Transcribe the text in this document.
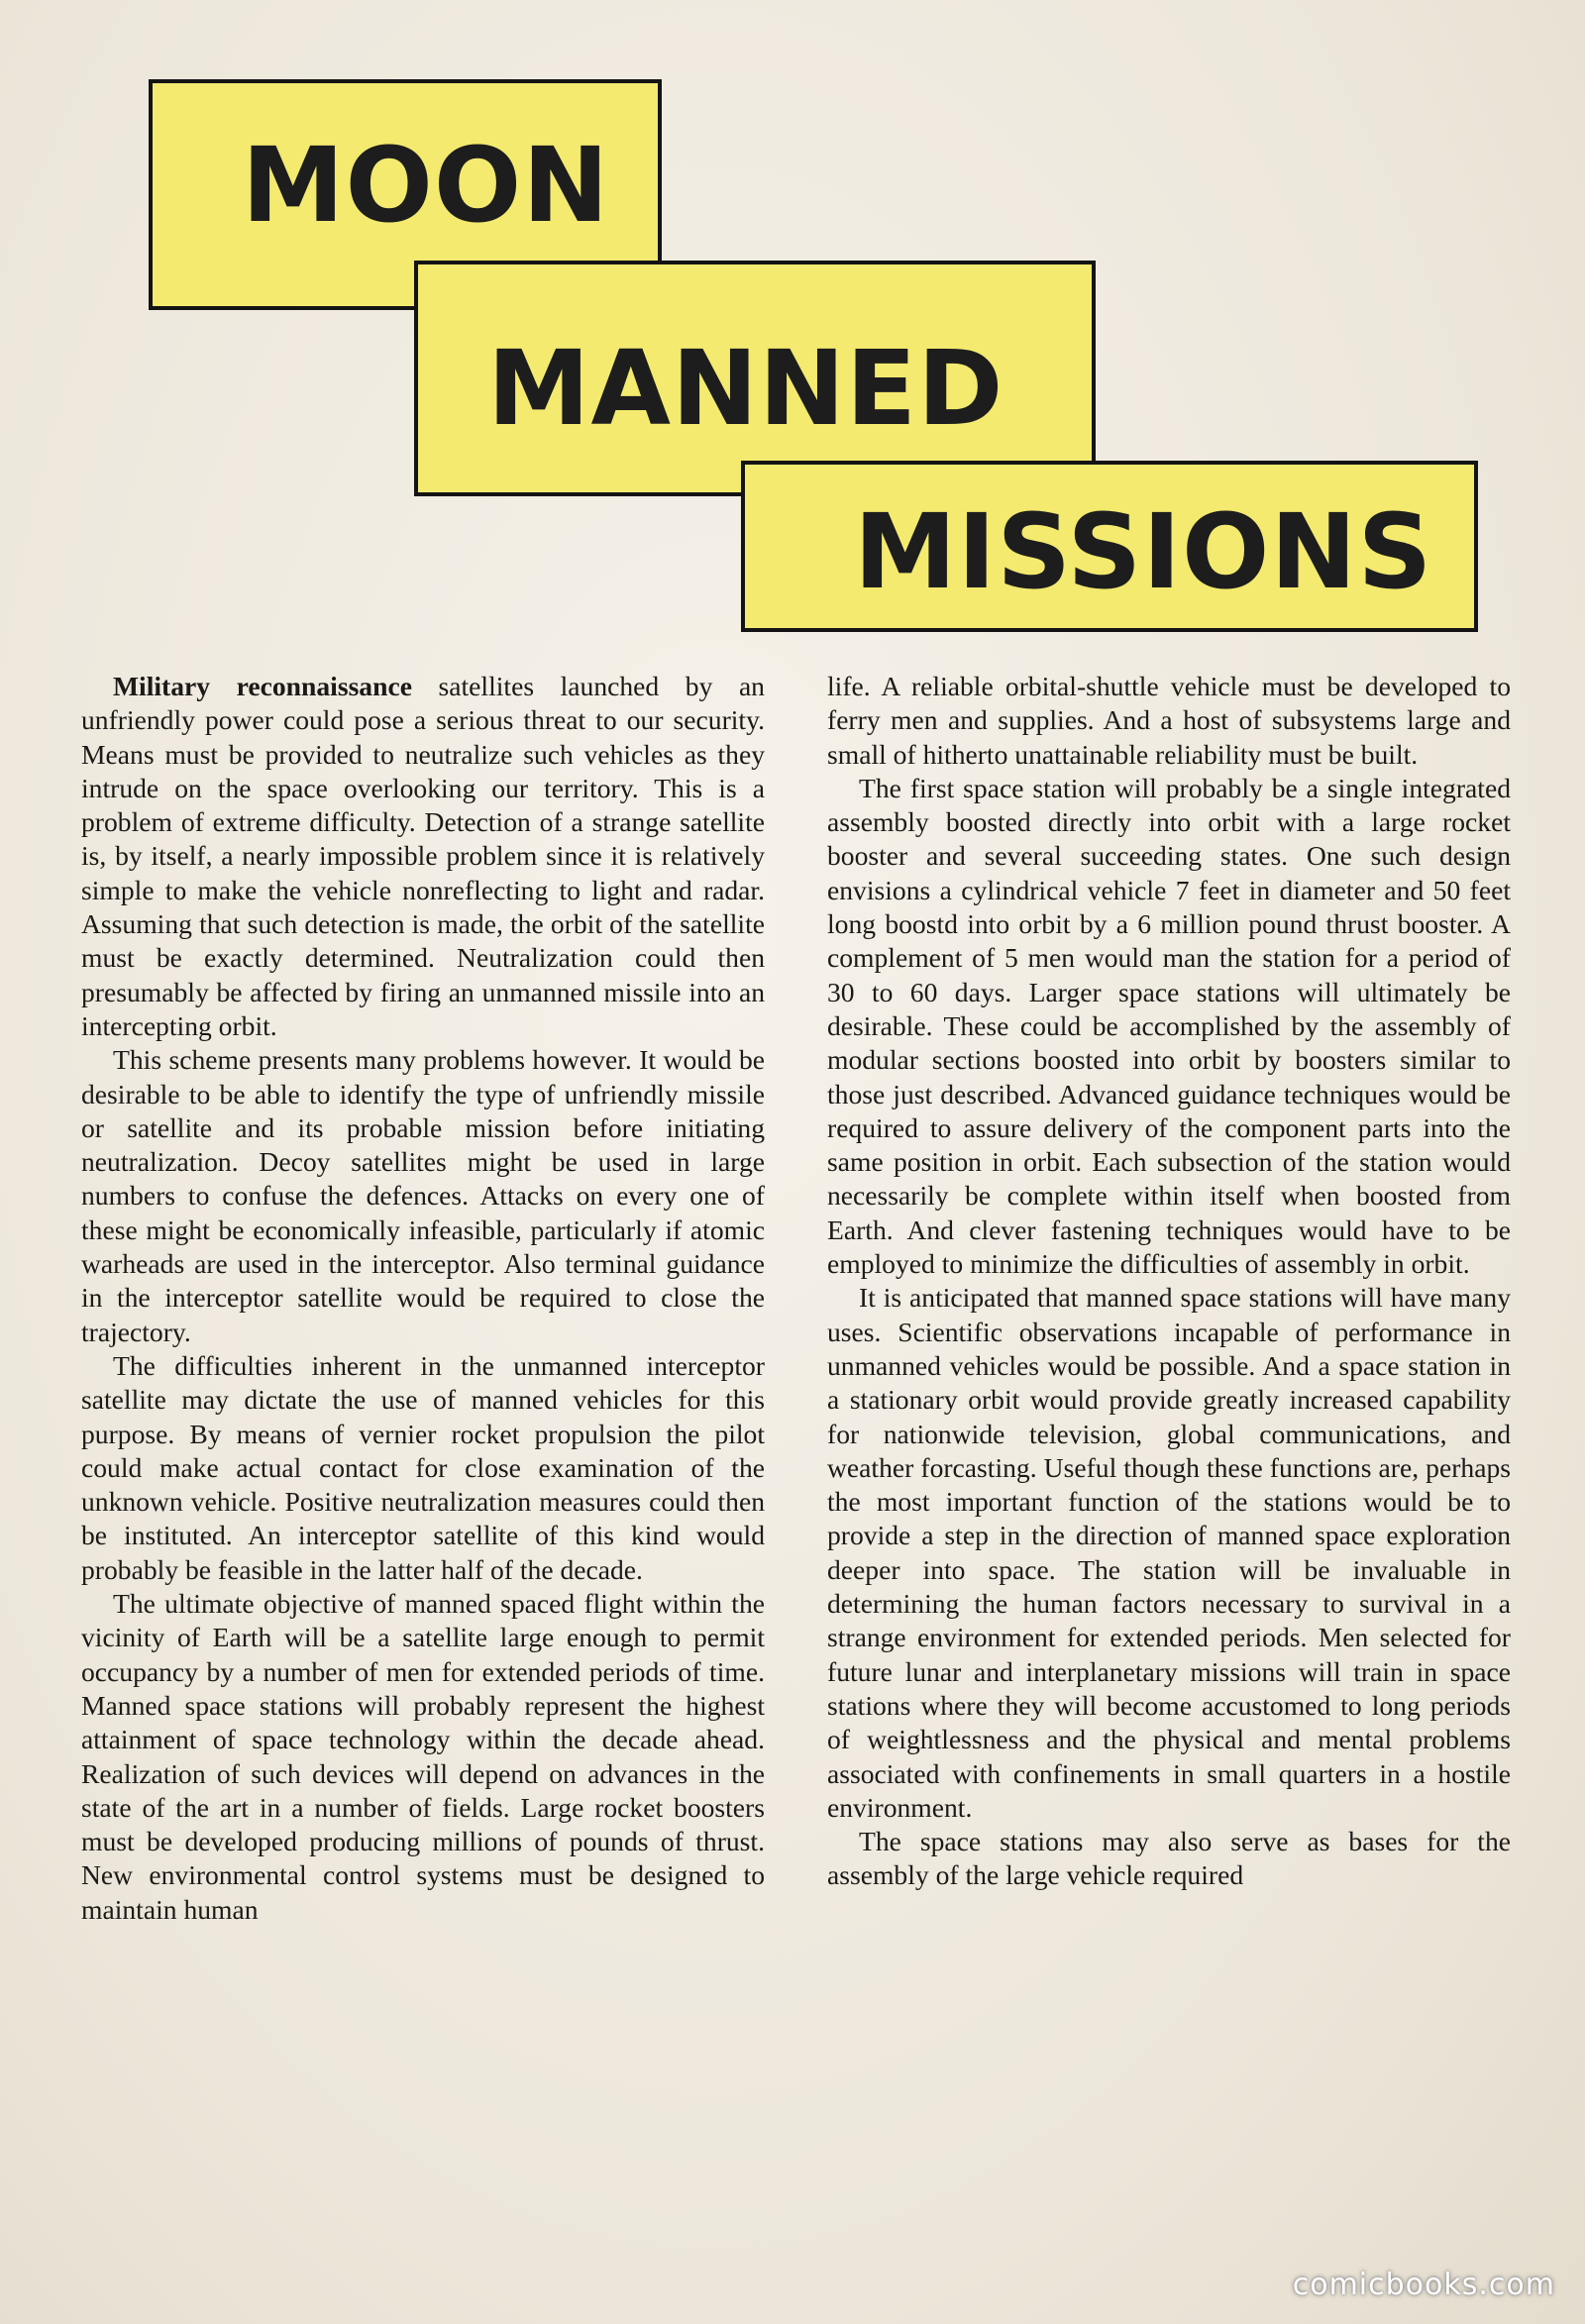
MOON
MANNED
MISSIONS

Military reconnaissance satellites launched by an unfriendly power could pose a serious threat to our security. Means must be provided to neutralize such vehicles as they intrude on the space overlooking our territory. This is a problem of extreme difficulty. Detection of a strange satellite is, by itself, a nearly impossible problem since it is relatively simple to make the vehicle nonreflecting to light and radar. Assuming that such detection is made, the orbit of the satellite must be exactly determined. Neutralization could then presumably be affected by firing an unmanned missile into an intercepting orbit.

This scheme presents many problems however. It would be desirable to be able to identify the type of unfriendly missile or satellite and its probable mission before initiating neutralization. Decoy satellites might be used in large numbers to confuse the defences. Attacks on every one of these might be economically infeasible, particularly if atomic warheads are used in the interceptor. Also terminal guidance in the interceptor satellite would be required to close the trajectory.

The difficulties inherent in the unmanned interceptor satellite may dictate the use of manned vehicles for this purpose. By means of vernier rocket propulsion the pilot could make actual contact for close examination of the unknown vehicle. Positive neutralization measures could then be instituted. An interceptor satellite of this kind would probably be feasible in the latter half of the decade.

The ultimate objective of manned spaced flight within the vicinity of Earth will be a satellite large enough to permit occupancy by a number of men for extended periods of time. Manned space stations will probably represent the highest attainment of space technology within the decade ahead. Realization of such devices will depend on advances in the state of the art in a number of fields. Large rocket boosters must be developed producing millions of pounds of thrust. New environmental control systems must be designed to maintain human

life. A reliable orbital-shuttle vehicle must be developed to ferry men and supplies. And a host of subsystems large and small of hitherto unattainable reliability must be built.

The first space station will probably be a single integrated assembly boosted directly into orbit with a large rocket booster and several succeeding states. One such design envisions a cylindrical vehicle 7 feet in diameter and 50 feet long boostd into orbit by a 6 million pound thrust booster. A complement of 5 men would man the station for a period of 30 to 60 days. Larger space stations will ultimately be desirable. These could be accomplished by the assembly of modular sections boosted into orbit by boosters similar to those just described. Advanced guidance techniques would be required to assure delivery of the component parts into the same position in orbit. Each subsection of the station would necessarily be complete within itself when boosted from Earth. And clever fastening techniques would have to be employed to minimize the difficulties of assembly in orbit.

It is anticipated that manned space stations will have many uses. Scientific observations incapable of performance in unmanned vehicles would be possible. And a space station in a stationary orbit would provide greatly increased capability for nationwide television, global communications, and weather forcasting. Useful though these functions are, perhaps the most important function of the stations would be to provide a step in the direction of manned space exploration deeper into space. The station will be invaluable in determining the human factors necessary to survival in a strange environment for extended periods. Men selected for future lunar and interplanetary missions will train in space stations where they will become accustomed to long periods of weightlessness and the physical and mental problems associated with confinements in small quarters in a hostile environment.

The space stations may also serve as bases for the assembly of the large vehicle required

comicbooks.com
